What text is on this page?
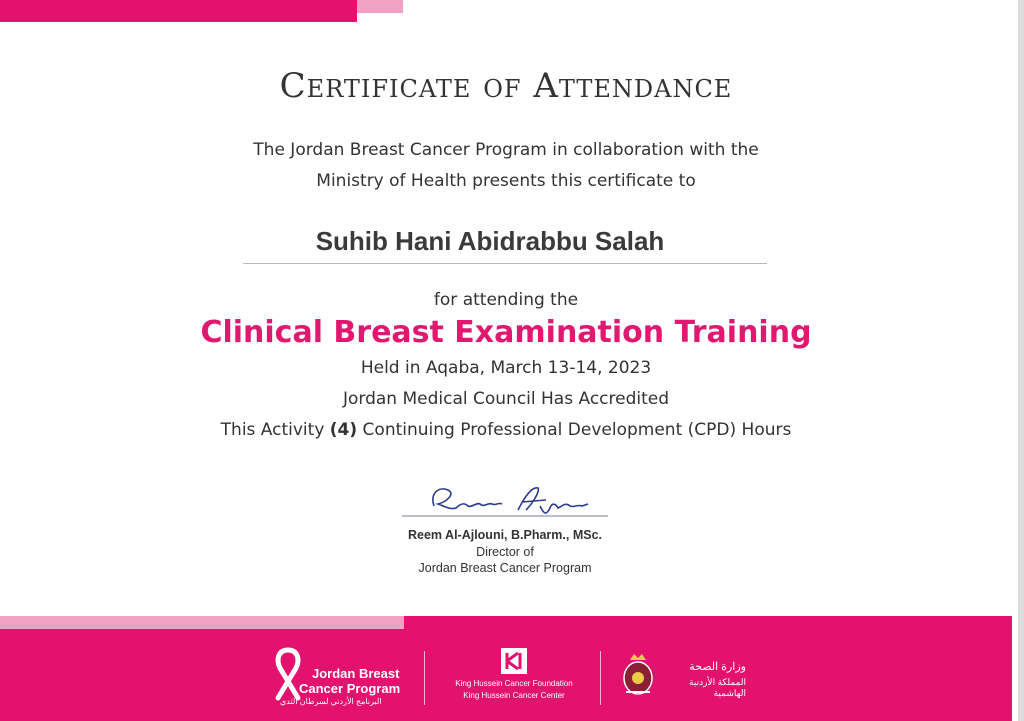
Certificate of Attendance
The Jordan Breast Cancer Program in collaboration with the
Ministry of Health presents this certificate to
Suhib Hani Abidrabbu Salah
for attending the
Clinical Breast Examination Training
Held in Aqaba, March 13-14, 2023
Jordan Medical Council Has Accredited
This Activity (4) Continuing Professional Development (CPD) Hours
Reem Al-Ajlouni, B.Pharm., MSc.
Director of
Jordan Breast Cancer Program
Jordan Breast
Cancer Program
البرنامج الأردني لسرطان الثدي
King Hussein Cancer Foundation
King Hussein Cancer Center
وزارة الصحة
المملكة الأردنية الهاشمية
